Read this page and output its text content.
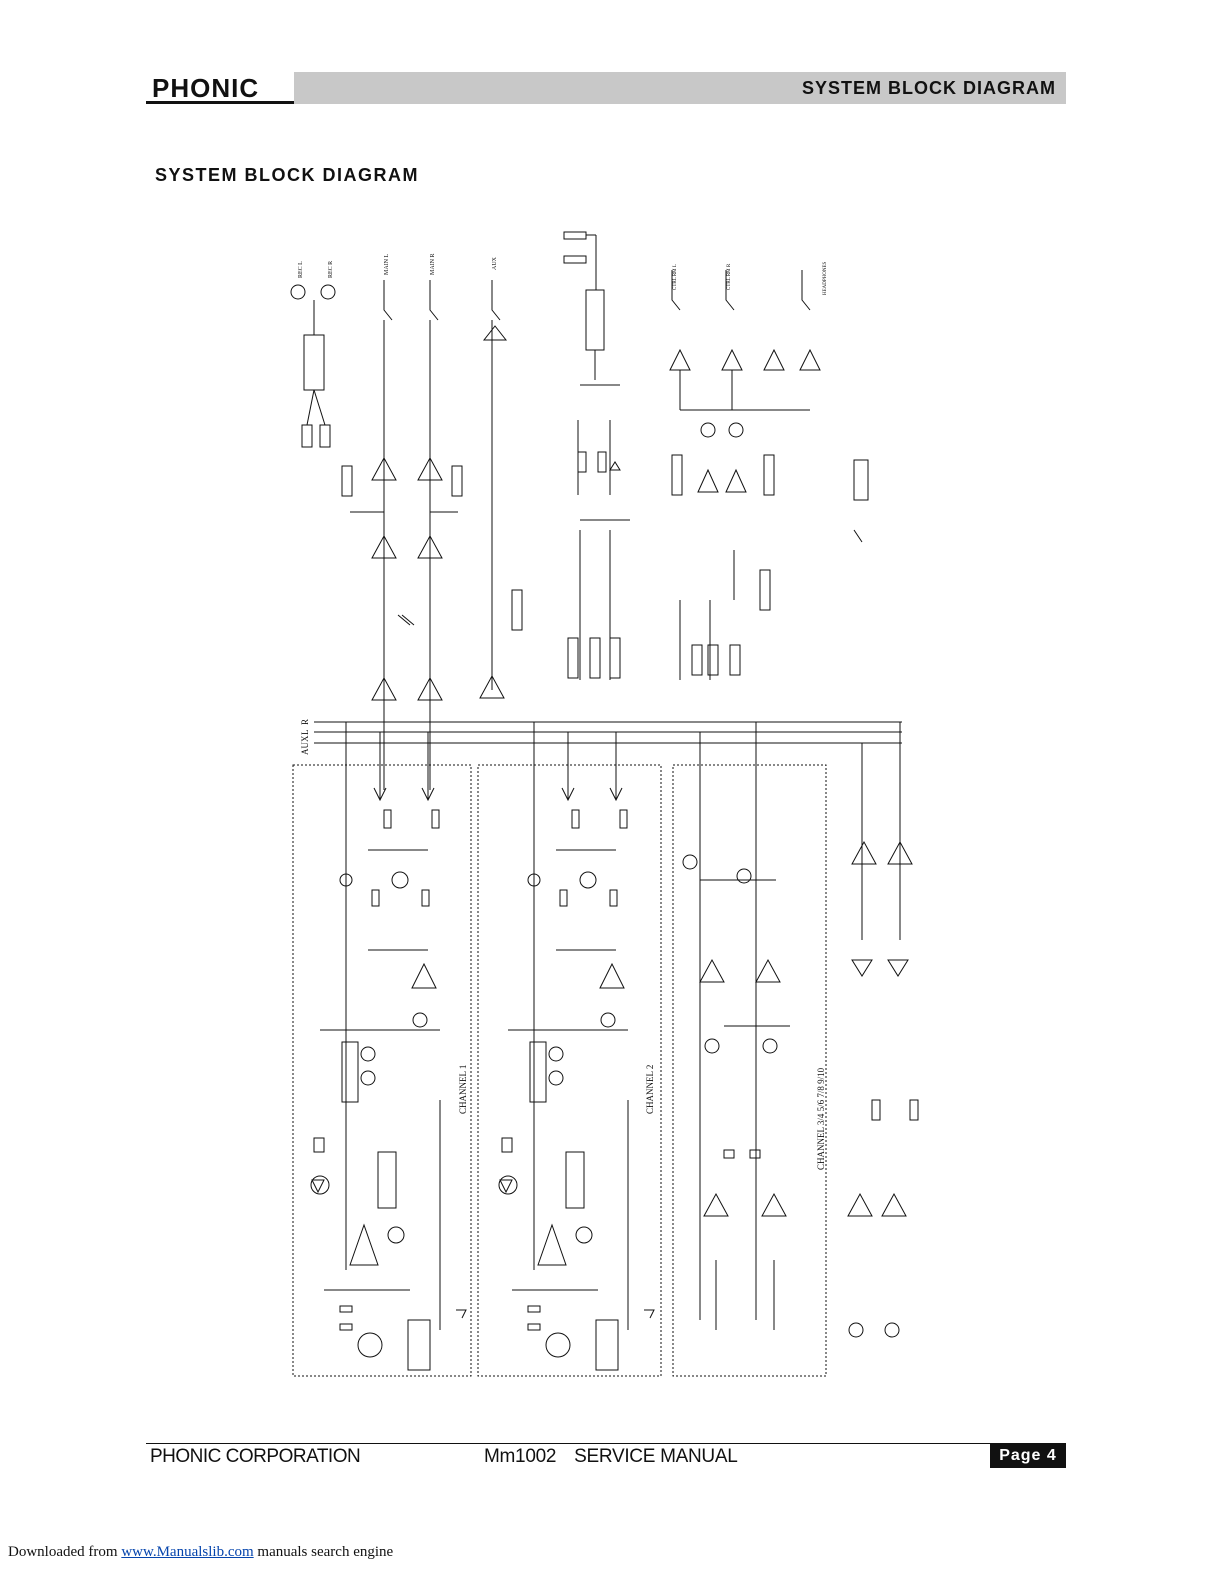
PHONIC	SYSTEM BLOCK DIAGRAM
SYSTEM BLOCK DIAGRAM
CHANNEL 1	CHANNEL 2	CHANNEL 3/4 5/6 7/8 9/10
R
L
AUX
REC L	REC R	MAIN L	MAIN R	AUX
CTRL RM L	CTRL RM R	HEADPHONES
PHONIC CORPORATION	Mm1002 SERVICE MANUAL	Page 4
Downloaded from www.Manualslib.com manuals search engine
